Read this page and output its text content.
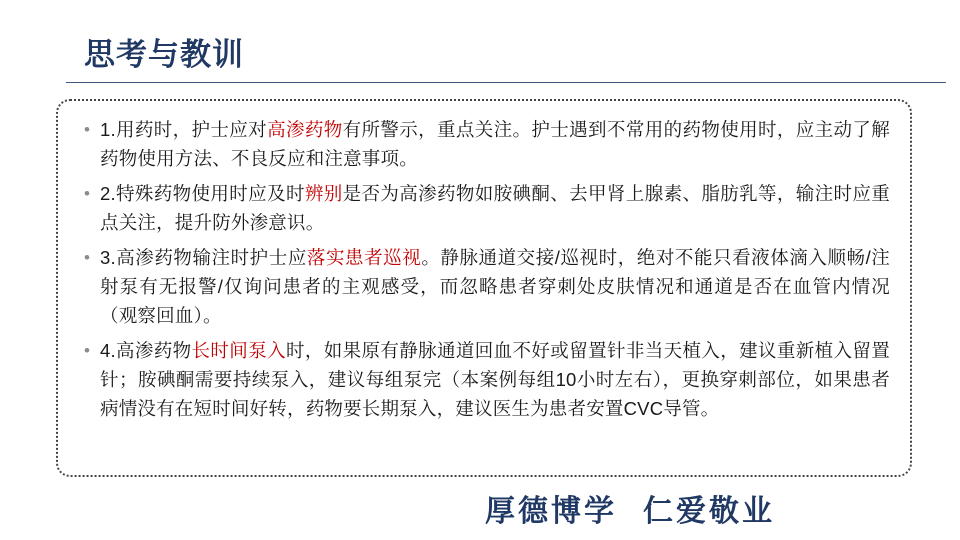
思考与教训
• 1.用药时，护士应对高渗药物有所警示，重点关注。护士遇到不常用的药物使用时，应主动了解药物使用方法、不良反应和注意事项。
• 2.特殊药物使用时应及时辨别是否为高渗药物如胺碘酮、去甲肾上腺素、脂肪乳等，输注时应重点关注，提升防外渗意识。
• 3.高渗药物输注时护士应落实患者巡视。静脉通道交接/巡视时，绝对不能只看液体滴入顺畅/注射泵有无报警/仅询问患者的主观感受，而忽略患者穿刺处皮肤情况和通道是否在血管内情况（观察回血）。
• 4.高渗药物长时间泵入时，如果原有静脉通道回血不好或留置针非当天植入，建议重新植入留置针；胺碘酮需要持续泵入，建议每组泵完（本案例每组10小时左右），更换穿刺部位，如果患者病情没有在短时间好转，药物要长期泵入，建议医生为患者安置CVC导管。
厚德博学 仁爱敬业
